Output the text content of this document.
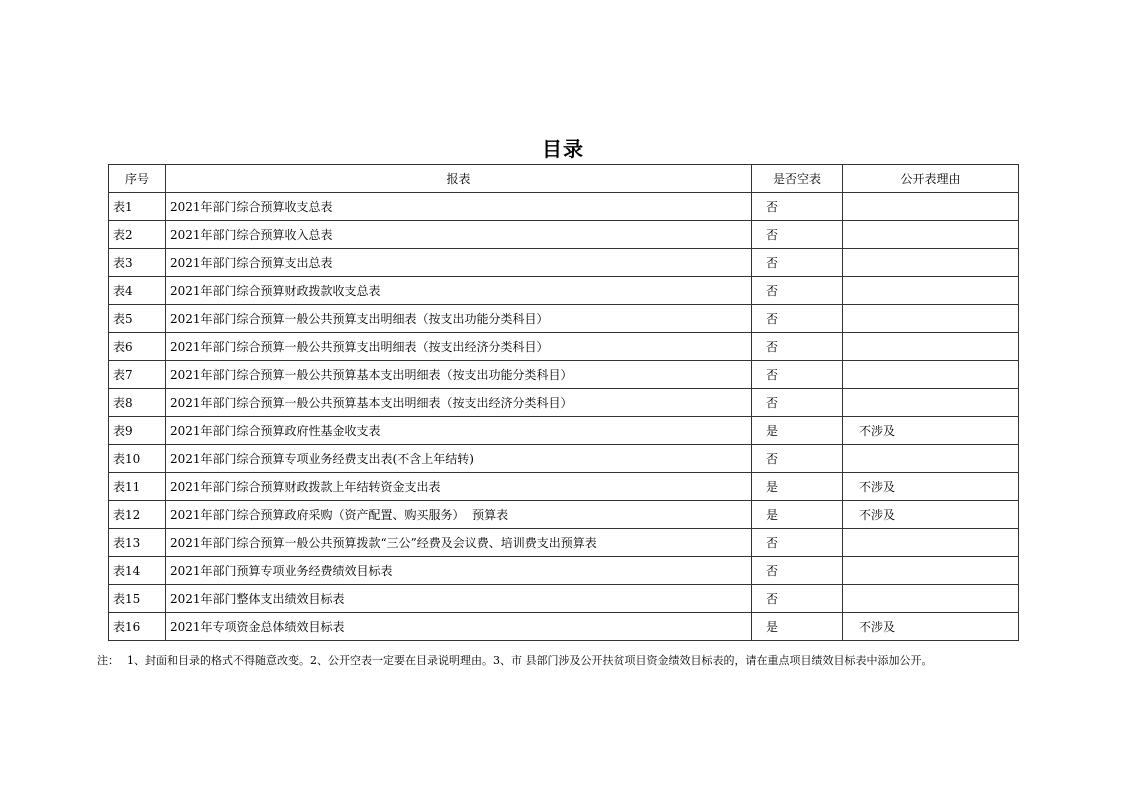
目录
序号	报表	是否空表	公开表理由
表1	2021年部门综合预算收支总表	否	
表2	2021年部门综合预算收入总表	否	
表3	2021年部门综合预算支出总表	否	
表4	2021年部门综合预算财政拨款收支总表	否	
表5	2021年部门综合预算一般公共预算支出明细表（按支出功能分类科目）	否	
表6	2021年部门综合预算一般公共预算支出明细表（按支出经济分类科目）	否	
表7	2021年部门综合预算一般公共预算基本支出明细表（按支出功能分类科目）	否	
表8	2021年部门综合预算一般公共预算基本支出明细表（按支出经济分类科目）	否	
表9	2021年部门综合预算政府性基金收支表	是	不涉及
表10	2021年部门综合预算专项业务经费支出表(不含上年结转)	否	
表11	2021年部门综合预算财政拨款上年结转资金支出表	是	不涉及
表12	2021年部门综合预算政府采购（资产配置、购买服务）  预算表	是	不涉及
表13	2021年部门综合预算一般公共预算拨款“三公”经费及会议费、培训费支出预算表	否	
表14	2021年部门预算专项业务经费绩效目标表	否	
表15	2021年部门整体支出绩效目标表	否	
表16	2021年专项资金总体绩效目标表	是	不涉及
注： 1、封面和目录的格式不得随意改变。2、公开空表一定要在目录说明理由。3、市 县部门涉及公开扶贫项目资金绩效目标表的，请在重点项目绩效目标表中添加公开。
